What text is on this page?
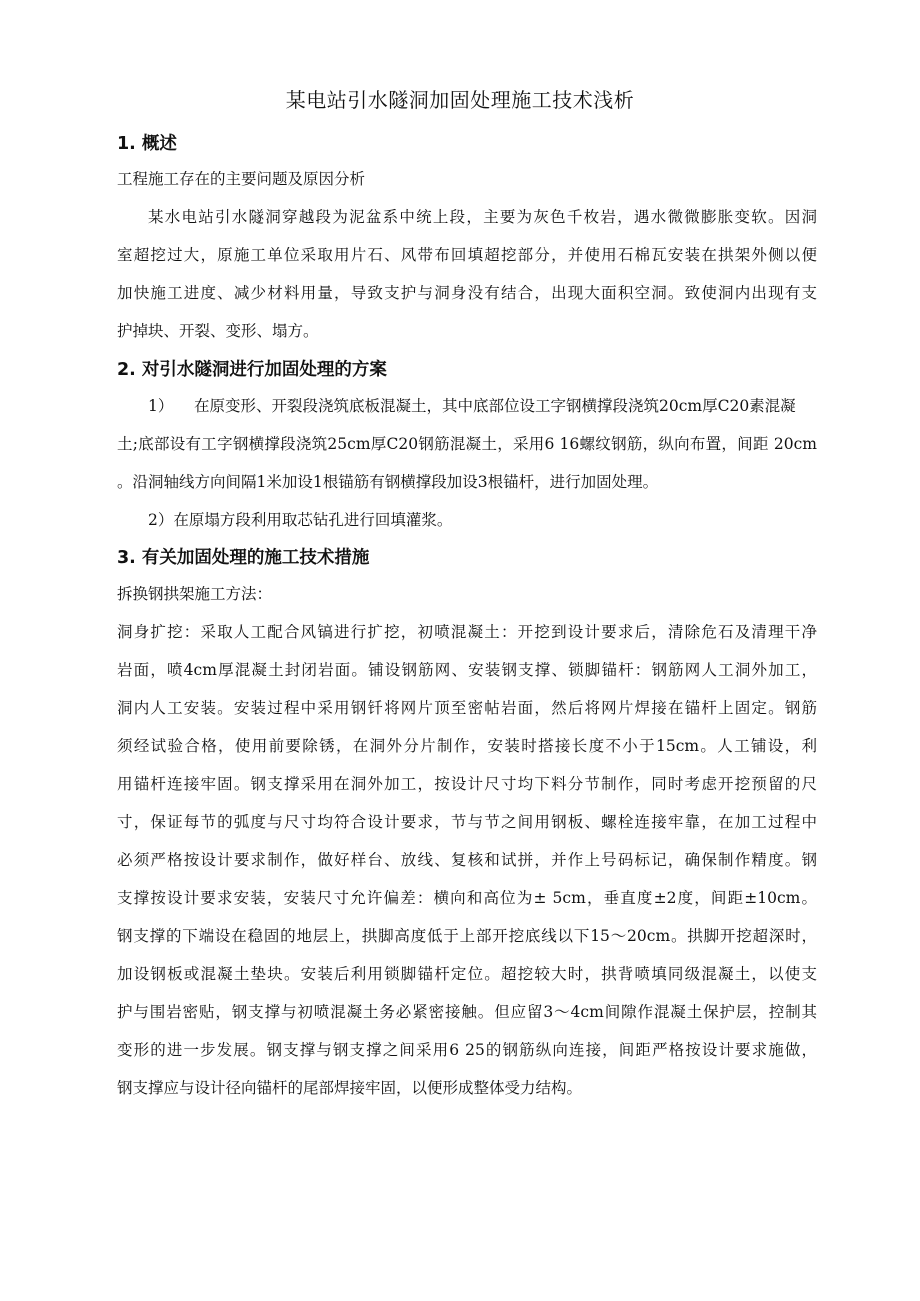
某电站引水隧洞加固处理施工技术浅析
1. 概述
工程施工存在的主要问题及原因分析
某水电站引水隧洞穿越段为泥盆系中统上段，主要为灰色千枚岩，遇水微微膨胀变软。因洞
室超挖过大，原施工单位采取用片石、风带布回填超挖部分，并使用石棉瓦安装在拱架外侧以便
加快施工进度、减少材料用量，导致支护与洞身没有结合，出现大面积空洞。致使洞内出现有支
护掉块、开裂、变形、塌方。
2. 对引水隧洞进行加固处理的方案
1） 在原变形、开裂段浇筑底板混凝土，其中底部位设工字钢横撑段浇筑20cm厚C20素混凝
土;底部设有工字钢横撑段浇筑25cm厚C20钢筋混凝土，采用6 16螺纹钢筋，纵向布置，间距 20cm
。沿洞轴线方向间隔1米加设1根锚筋有钢横撑段加设3根锚杆，进行加固处理。
2）在原塌方段利用取芯钻孔进行回填灌浆。
3. 有关加固处理的施工技术措施
拆换钢拱架施工方法：
洞身扩挖：采取人工配合风镐进行扩挖，初喷混凝土：开挖到设计要求后，清除危石及清理干净
岩面，喷4cm厚混凝土封闭岩面。铺设钢筋网、安装钢支撑、锁脚锚杆：钢筋网人工洞外加工，
洞内人工安装。安装过程中采用钢钎将网片顶至密帖岩面，然后将网片焊接在锚杆上固定。钢筋
须经试验合格，使用前要除锈，在洞外分片制作，安装时搭接长度不小于15cm。人工铺设，利
用锚杆连接牢固。钢支撑采用在洞外加工，按设计尺寸均下料分节制作，同时考虑开挖预留的尺
寸，保证每节的弧度与尺寸均符合设计要求，节与节之间用钢板、螺栓连接牢靠，在加工过程中
必须严格按设计要求制作，做好样台、放线、复核和试拼，并作上号码标记，确保制作精度。钢
支撑按设计要求安装，安装尺寸允许偏差：横向和高位为± 5cm，垂直度±2度，间距±10cm。
钢支撑的下端设在稳固的地层上，拱脚高度低于上部开挖底线以下15〜20cm。拱脚开挖超深时，
加设钢板或混凝土垫块。安装后利用锁脚锚杆定位。超挖较大时，拱背喷填同级混凝土，以使支
护与围岩密贴，钢支撑与初喷混凝土务必紧密接触。但应留3〜4cm间隙作混凝土保护层，控制其
变形的进一步发展。钢支撑与钢支撑之间采用6 25的钢筋纵向连接，间距严格按设计要求施做，
钢支撑应与设计径向锚杆的尾部焊接牢固，以便形成整体受力结构。
